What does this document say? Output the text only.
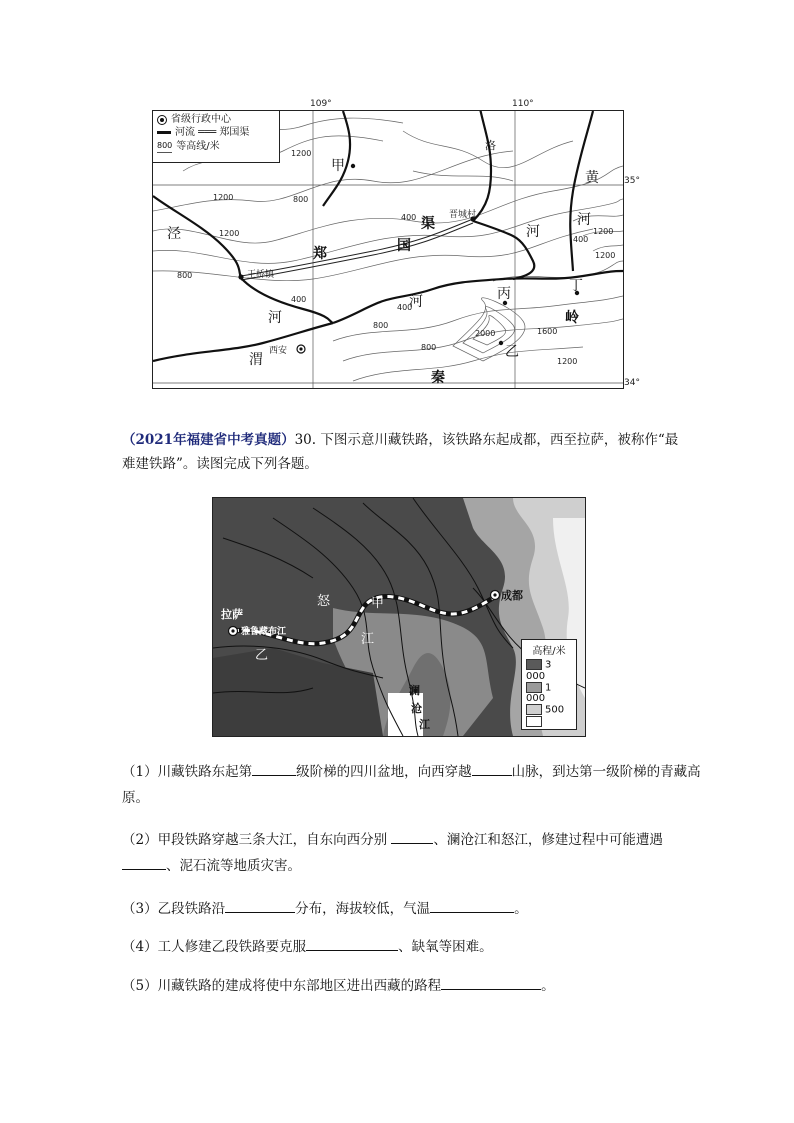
109°	110°
35°
34°
省级行政中心
河流 ═══ 郑国渠
800 等高线/米
甲
郑	国
渠
河
河
河
河
黄
泾
洛
渭
丙	丁
乙
秦
岭
西安
王桥镇
晋城村
1200
1200	800
400
400
800
1200
400
400
800
1200
1600
2000
1200
800
1200
（2021年福建省中考真题）30. 下图示意川藏铁路，该铁路东起成都，西至拉萨，被称作“最难建铁路”。读图完成下列各题。
拉萨
成都
雅鲁藏布江
甲
乙
怒
江
澜
沧
江
高程/米
3 000
1 000
500
（1）川藏铁路东起第	级阶梯的四川盆地，向西穿越	山脉，到达第一级阶梯的青藏高原。
（2）甲段铁路穿越三条大江，自东向西分别	、澜沧江和怒江，修建过程中可能遭遇、泥石流等地质灾害。
（3）乙段铁路沿	分布，海拔较低，气温	。
（4）工人修建乙段铁路要克服	、缺氧等困难。
（5）川藏铁路的建成将使中东部地区进出西藏的路程	。
